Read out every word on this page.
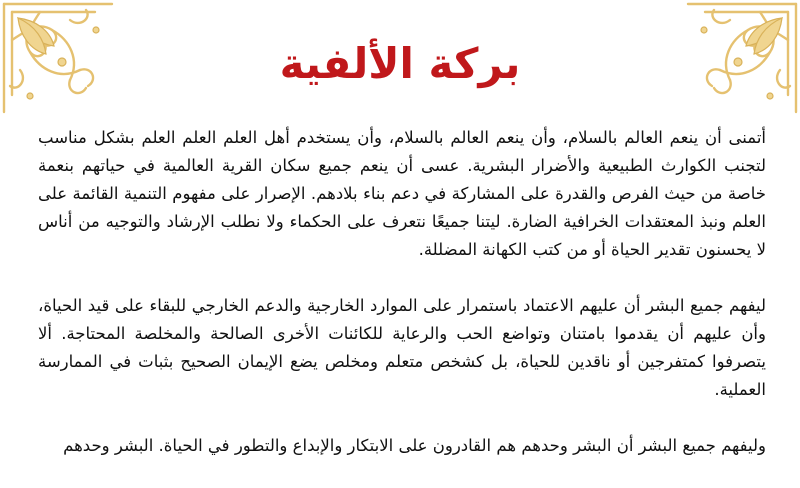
بركة الألفية

أتمنى أن ينعم العالم بالسلام، وأن ينعم العالم بالسلام، وأن يستخدم أهل العلم العلم العلم بشكل مناسب لتجنب الكوارث الطبيعية والأضرار البشرية. عسى أن ينعم جميع سكان القرية العالمية في حياتهم بنعمة خاصة من حيث الفرص والقدرة على المشاركة في دعم بناء بلادهم. الإصرار على مفهوم التنمية القائمة على العلم ونبذ المعتقدات الخرافية الضارة. ليتنا جميعًا نتعرف على الحكماء ولا نطلب الإرشاد والتوجيه من أناس لا يحسنون تقدير الحياة أو من كتب الكهانة المضللة.

ليفهم جميع البشر أن عليهم الاعتماد باستمرار على الموارد الخارجية والدعم الخارجي للبقاء على قيد الحياة، وأن عليهم أن يقدموا بامتنان وتواضع الحب والرعاية للكائنات الأخرى الصالحة والمخلصة المحتاجة. ألا يتصرفوا كمتفرجين أو ناقدين للحياة، بل كشخص متعلم ومخلص يضع الإيمان الصحيح بثبات في الممارسة العملية.

وليفهم جميع البشر أن البشر وحدهم هم القادرون على الابتكار والإبداع والتطور في الحياة. البشر وحدهم
